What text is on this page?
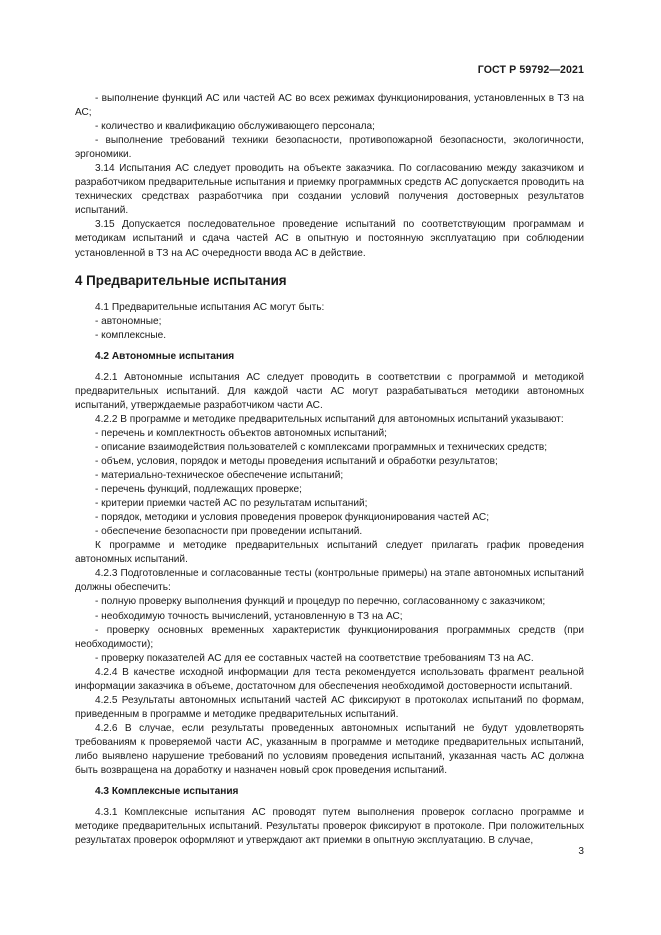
ГОСТ Р 59792—2021

- выполнение функций АС или частей АС во всех режимах функционирования, установленных в ТЗ на АС;

- количество и квалификацию обслуживающего персонала;

- выполнение требований техники безопасности, противопожарной безопасности, экологичности, эргономики.

3.14 Испытания АС следует проводить на объекте заказчика. По согласованию между заказчиком и разработчиком предварительные испытания и приемку программных средств АС допускается проводить на технических средствах разработчика при создании условий получения достоверных результатов испытаний.

3.15 Допускается последовательное проведение испытаний по соответствующим программам и методикам испытаний и сдача частей АС в опытную и постоянную эксплуатацию при соблюдении установленной в ТЗ на АС очередности ввода АС в действие.

4 Предварительные испытания

4.1 Предварительные испытания АС могут быть:

- автономные;

- комплексные.

4.2 Автономные испытания

4.2.1 Автономные испытания АС следует проводить в соответствии с программой и методикой предварительных испытаний. Для каждой части АС могут разрабатываться методики автономных испытаний, утверждаемые разработчиком части АС.

4.2.2 В программе и методике предварительных испытаний для автономных испытаний указывают:

- перечень и комплектность объектов автономных испытаний;

- описание взаимодействия пользователей с комплексами программных и технических средств;

- объем, условия, порядок и методы проведения испытаний и обработки результатов;

- материально-техническое обеспечение испытаний;

- перечень функций, подлежащих проверке;

- критерии приемки частей АС по результатам испытаний;

- порядок, методики и условия проведения проверок функционирования частей АС;

- обеспечение безопасности при проведении испытаний.

К программе и методике предварительных испытаний следует прилагать график проведения автономных испытаний.

4.2.3 Подготовленные и согласованные тесты (контрольные примеры) на этапе автономных испытаний должны обеспечить:

- полную проверку выполнения функций и процедур по перечню, согласованному с заказчиком;

- необходимую точность вычислений, установленную в ТЗ на АС;

- проверку основных временных характеристик функционирования программных средств (при необходимости);

- проверку показателей АС для ее составных частей на соответствие требованиям ТЗ на АС.

4.2.4 В качестве исходной информации для теста рекомендуется использовать фрагмент реальной информации заказчика в объеме, достаточном для обеспечения необходимой достоверности испытаний.

4.2.5 Результаты автономных испытаний частей АС фиксируют в протоколах испытаний по формам, приведенным в программе и методике предварительных испытаний.

4.2.6 В случае, если результаты проведенных автономных испытаний не будут удовлетворять требованиям к проверяемой части АС, указанным в программе и методике предварительных испытаний, либо выявлено нарушение требований по условиям проведения испытаний, указанная часть АС должна быть возвращена на доработку и назначен новый срок проведения испытаний.

4.3 Комплексные испытания

4.3.1 Комплексные испытания АС проводят путем выполнения проверок согласно программе и методике предварительных испытаний. Результаты проверок фиксируют в протоколе. При положительных результатах проверок оформляют и утверждают акт приемки в опытную эксплуатацию. В случае,

3
